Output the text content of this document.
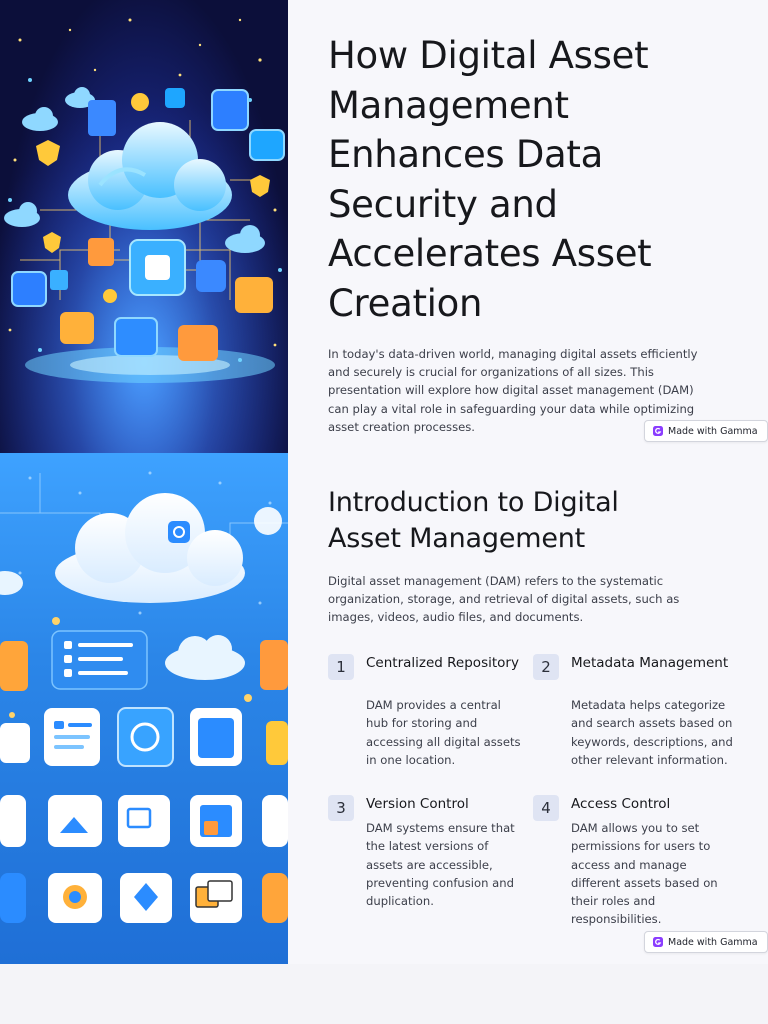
How Digital Asset Management Enhances Data Security and Accelerates Asset Creation

In today's data-driven world, managing digital assets efficiently and securely is crucial for organizations of all sizes. This presentation will explore how digital asset management (DAM) can play a vital role in safeguarding your data while optimizing asset creation processes.	Made with Gamma
Introduction to Digital Asset Management

Digital asset management (DAM) refers to the systematic organization, storage, and retrieval of digital assets, such as images, videos, audio files, and documents.

1	Centralized Repository
DAM provides a central hub for storing and accessing all digital assets in one location.
2	Metadata Management
Metadata helps categorize and search assets based on keywords, descriptions, and other relevant information.
3	Version Control
DAM systems ensure that the latest versions of assets are accessible, preventing confusion and duplication.
4	Access Control
DAM allows you to set permissions for users to access and manage different assets based on their roles and responsibilities.
Made with Gamma
